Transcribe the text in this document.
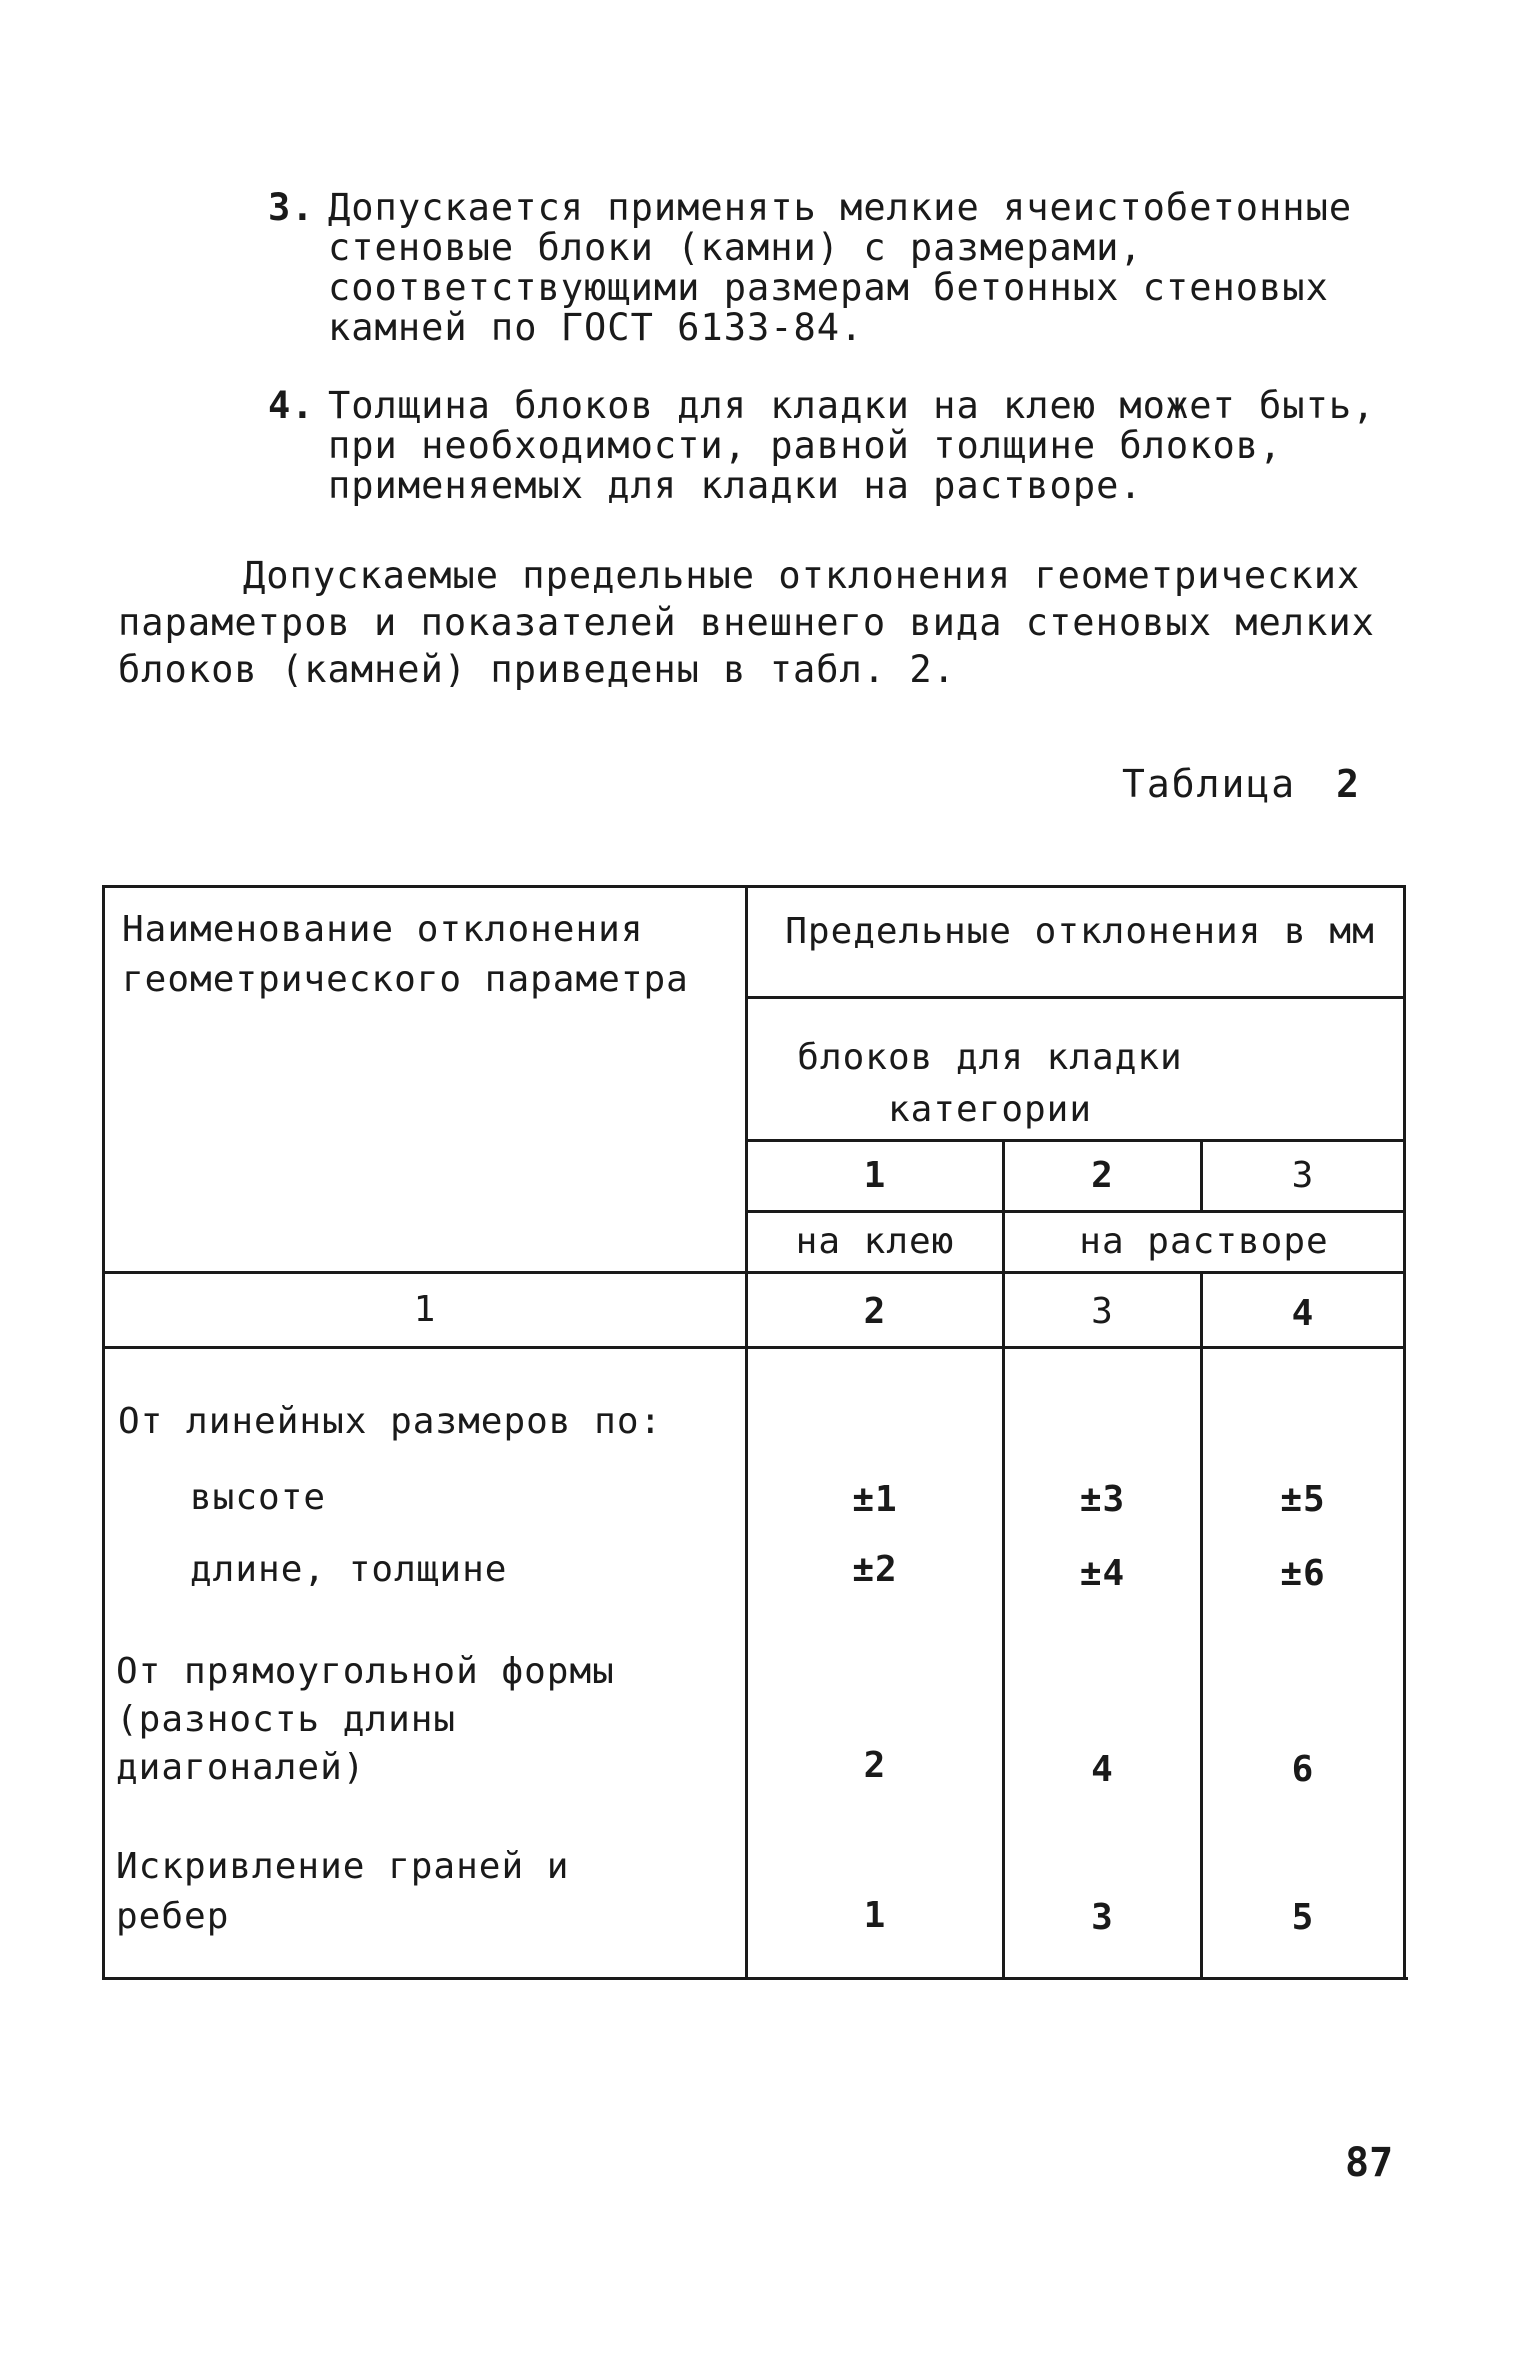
3. Допускается применять мелкие ячеистобетонные стеновые блоки (камни) с размерами, соответствующими размерам бетонных стеновых камней по ГОСТ 6133-84.
4. Толщина блоков для кладки на клею может быть, при необходимости, равной толщине блоков, применяемых для кладки на растворе.
Допускаемые предельные отклонения геометрических параметров и показателей внешнего вида стеновых мелких блоков (камней) приведены в табл. 2.
Таблица 2
Наименование отклонения геометрического параметра
Предельные отклонения в мм
блоков для кладки категории
1	2	3
на клею	на растворе
1	2	3	4
От линейных размеров по:
высоте	±1	±3	±5
длине, толщине	±2	±4	±6
От прямоугольной формы (разность длины диагоналей)	2	4	6
Искривление граней и ребер	1	3	5
87
